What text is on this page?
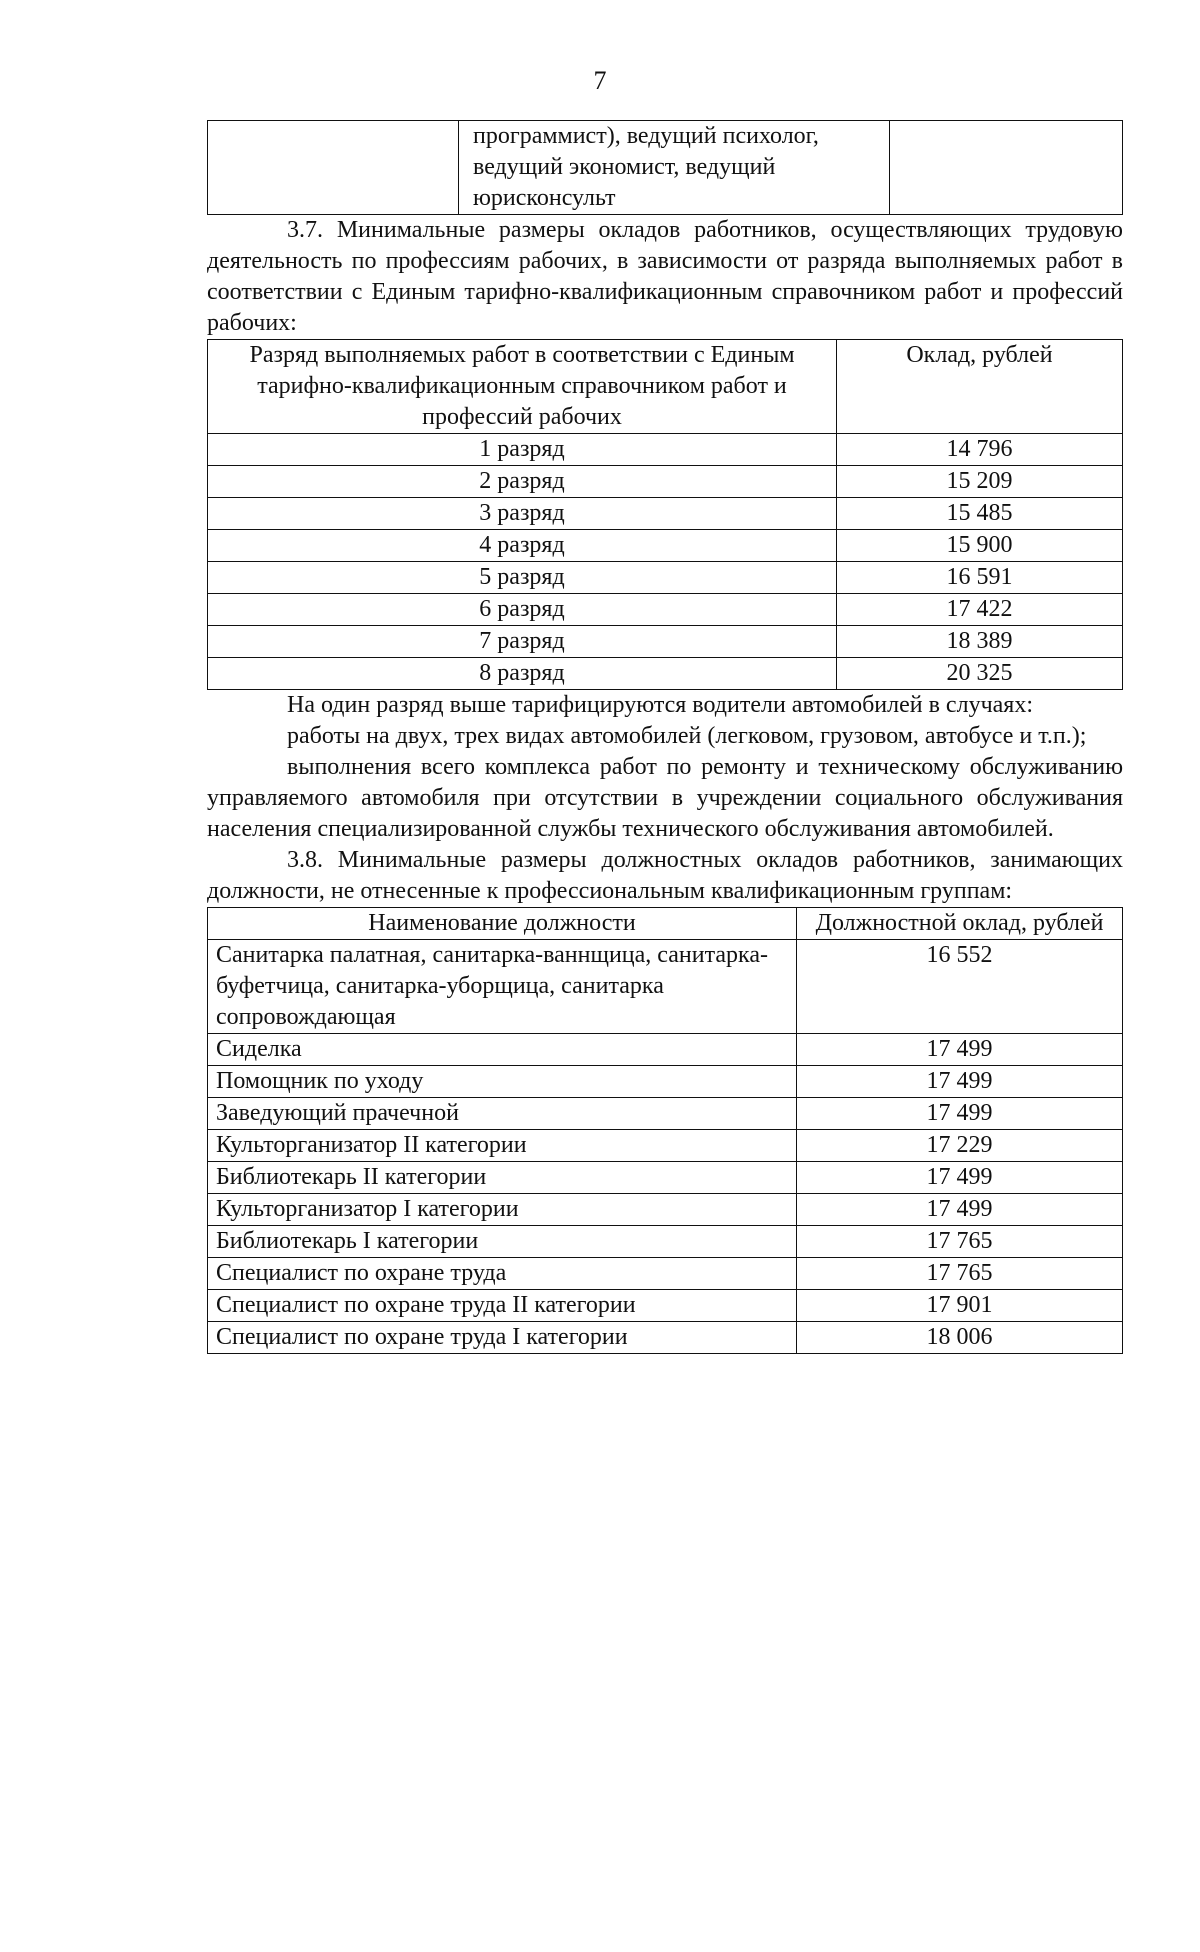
7
	программист), ведущий психолог, ведущий экономист, ведущий юрисконсульт	

3.7. Минимальные размеры окладов работников, осуществляющих трудовую деятельность по профессиям рабочих, в зависимости от разряда выполняемых работ в соответствии с Единым тарифно-квалификационным справочником работ и профессий рабочих:

Разряд выполняемых работ в соответствии с Единым тарифно-квалификационным справочником работ и профессий рабочих	Оклад, рублей
1 разряд	14 796
2 разряд	15 209
3 разряд	15 485
4 разряд	15 900
5 разряд	16 591
6 разряд	17 422
7 разряд	18 389
8 разряд	20 325

На один разряд выше тарифицируются водители автомобилей в случаях:

работы на двух, трех видах автомобилей (легковом, грузовом, автобусе и т.п.);

выполнения всего комплекса работ по ремонту и техническому обслуживанию управляемого автомобиля при отсутствии в учреждении социального обслуживания населения специализированной службы технического обслуживания автомобилей.

3.8. Минимальные размеры должностных окладов работников, занимающих должности, не отнесенные к профессиональным квалификационным группам:

Наименование должности	Должностной оклад, рублей
Санитарка палатная, санитарка-ваннщица, санитарка-буфетчица, санитарка-уборщица, санитарка сопровождающая	16 552
Сиделка	17 499
Помощник по уходу	17 499
Заведующий прачечной	17 499
Культорганизатор II категории	17 229
Библиотекарь II категории	17 499
Культорганизатор I категории	17 499
Библиотекарь I категории	17 765
Специалист по охране труда	17 765
Специалист по охране труда II категории	17 901
Специалист по охране труда I категории	18 006
